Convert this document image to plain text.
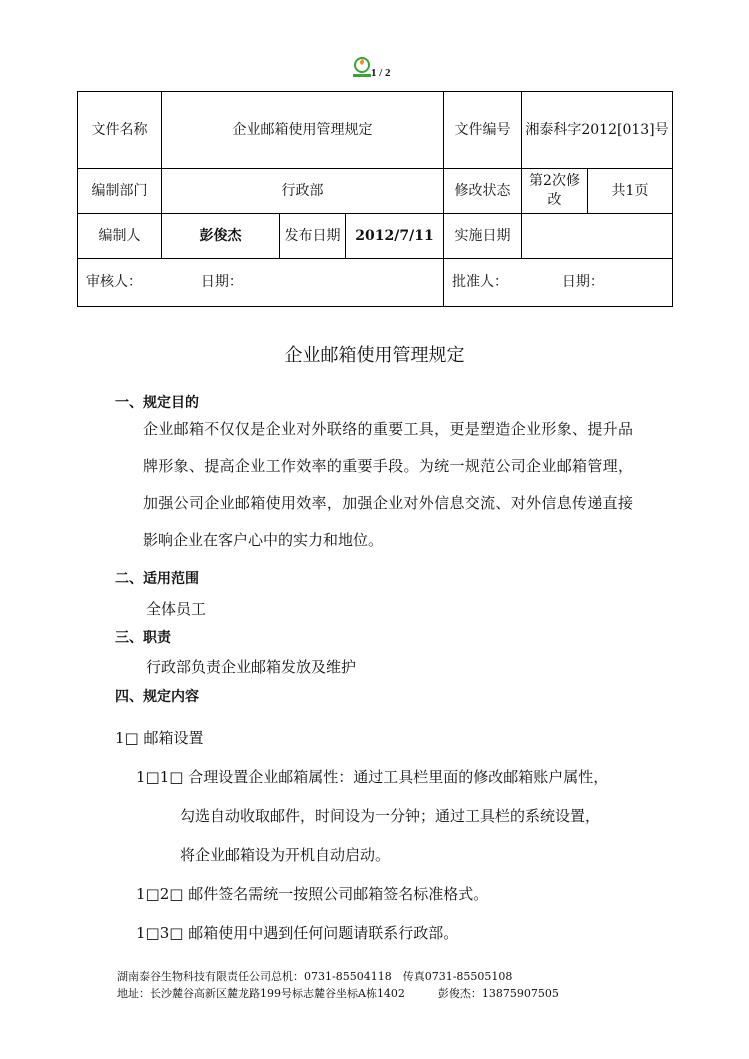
1 / 2
文件名称	企业邮箱使用管理规定			文件编号	湘泰科字2012[013]号	
编制部门	行政部			修改状态	第2次修改	共1页
编制人	彭俊杰	发布日期	2012/7/11	实施日期		
审核人： 日期：				批准人： 日期：		
企业邮箱使用管理规定
一、规定目的
企业邮箱不仅仅是企业对外联络的重要工具，更是塑造企业形象、提升品牌形象、提高企业工作效率的重要手段。为统一规范公司企业邮箱管理，加强公司企业邮箱使用效率，加强企业对外信息交流、对外信息传递直接影响企业在客户心中的实力和地位。
二、适用范围
全体员工
三、职责
行政部负责企业邮箱发放及维护
四、规定内容
1□ 邮箱设置
1□1□ 合理设置企业邮箱属性：通过工具栏里面的修改邮箱账户属性，
勾选自动收取邮件，时间设为一分钟；通过工具栏的系统设置，
将企业邮箱设为开机自动启动。
1□2□ 邮件签名需统一按照公司邮箱签名标准格式。
1□3□ 邮箱使用中遇到任何问题请联系行政部。
湖南泰谷生物科技有限责任公司总机：0731-85504118　传真0731-85505108
地址：长沙麓谷高新区麓龙路199号标志麓谷坐标A栋1402　　　彭俊杰：13875907505
